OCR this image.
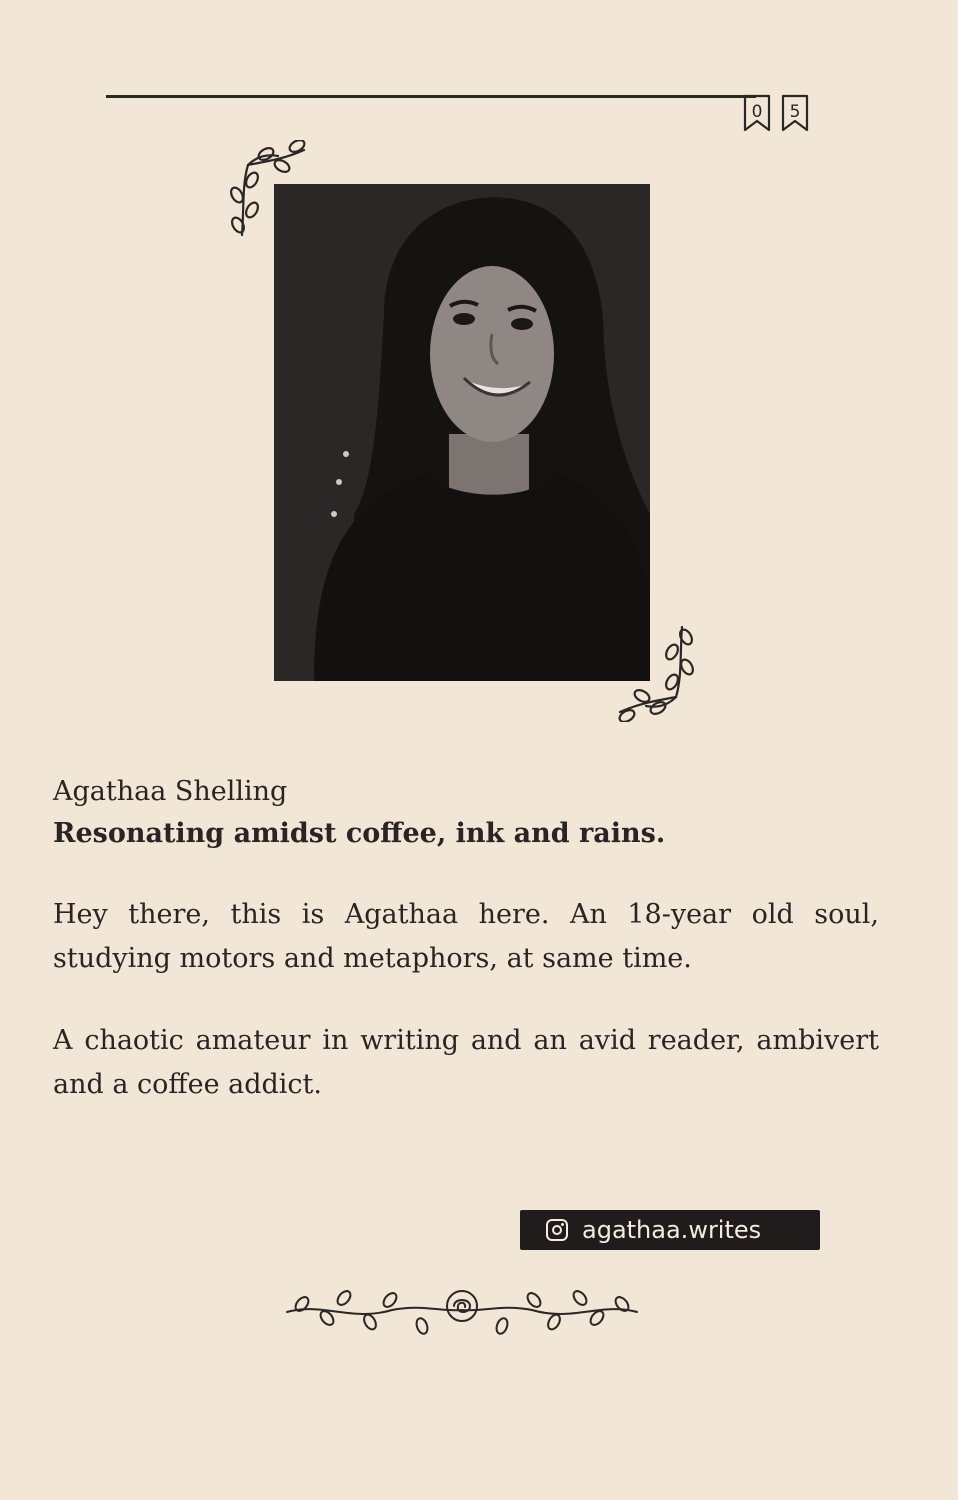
0	5
Agathaa Shelling
Resonating amidst coffee, ink and rains.
Hey there, this is Agathaa here. An 18-year old soul, studying motors and metaphors, at same time.
A chaotic amateur in writing and an avid reader, ambivert and a coffee addict.
agathaa.writes
